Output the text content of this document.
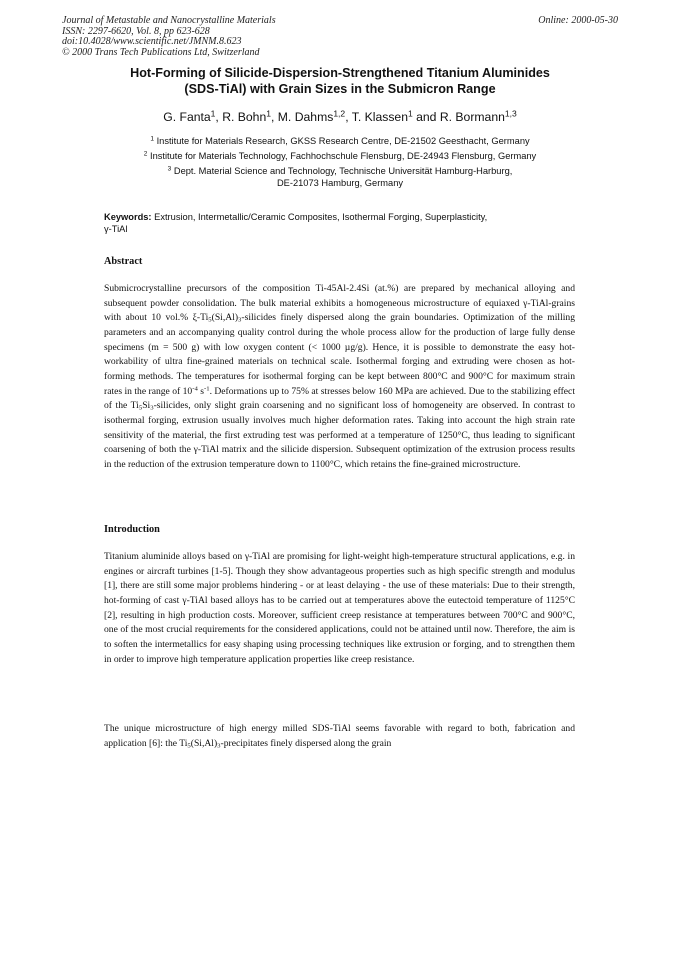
Journal of Metastable and Nanocrystalline Materials
ISSN: 2297-6620, Vol. 8, pp 623-628
doi:10.4028/www.scientific.net/JMNM.8.623
© 2000 Trans Tech Publications Ltd, Switzerland
Online: 2000-05-30
Hot-Forming of Silicide-Dispersion-Strengthened Titanium Aluminides
(SDS-TiAl) with Grain Sizes in the Submicron Range
G. Fanta$^1$, R. Bohn$^1$, M. Dahms$^{1,2}$, T. Klassen$^1$ and R. Bormann$^{1,3}$
$^1$ Institute for Materials Research, GKSS Research Centre, DE-21502 Geesthacht, Germany
$^2$ Institute for Materials Technology, Fachhochschule Flensburg, DE-24943 Flensburg, Germany
$^3$ Dept. Material Science and Technology, Technische Universität Hamburg-Harburg,
DE-21073 Hamburg, Germany
Keywords: Extrusion, Intermetallic/Ceramic Composites, Isothermal Forging, Superplasticity,
γ-TiAl
Abstract

Submicrocrystalline precursors of the composition Ti-45Al-2.4Si (at.%) are prepared by mechanical alloying and subsequent powder consolidation. The bulk material exhibits a homogeneous microstructure of equiaxed γ-TiAl-grains with about 10 vol.% $\xi-Ti_5(Si,Al)_3$-silicides finely dispersed along the grain boundaries. Optimization of the milling parameters and an accompanying quality control during the whole process allow for the production of large fully dense specimens (m = 500 g) with low oxygen content (< 1000 µg/g). Hence, it is possible to demonstrate the easy hot-workability of ultra fine-grained materials on technical scale. Isothermal forging and extruding were chosen as hot-forming methods. The temperatures for isothermal forging can be kept between 800°C and 900°C for maximum strain rates in the range of $10^{-4}$ $s^{-1}$. Deformations up to 75% at stresses below 160 MPa are achieved. Due to the stabilizing effect of the $Ti_5Si_3$-silicides, only slight grain coarsening and no significant loss of homogeneity are observed. In contrast to isothermal forging, extrusion usually involves much higher deformation rates. Taking into account the high strain rate sensitivity of the material, the first extruding test was performed at a temperature of 1250°C, thus leading to significant coarsening of both the γ-TiAl matrix and the silicide dispersion. Subsequent optimization of the extrusion process results in the reduction of the extrusion temperature down to 1100°C, which retains the fine-grained microstructure.

Introduction

Titanium aluminide alloys based on γ-TiAl are promising for light-weight high-temperature structural applications, e.g. in engines or aircraft turbines [1-5]. Though they show advantageous properties such as high specific strength and modulus [1], there are still some major problems hindering - or at least delaying - the use of these materials: Due to their strength, hot-forming of cast γ-TiAl based alloys has to be carried out at temperatures above the eutectoid temperature of 1125°C [2], resulting in high production costs. Moreover, sufficient creep resistance at temperatures between 700°C and 900°C, one of the most crucial requirements for the considered applications, could not be attained until now. Therefore, the aim is to soften the intermetallics for easy shaping using processing techniques like extrusion or forging, and to strengthen them in order to improve high temperature application properties like creep resistance.

The unique microstructure of high energy milled SDS-TiAl seems favorable with regard to both, fabrication and application [6]: the $Ti_5(Si,Al)_3$-precipitates finely dispersed along the grain
